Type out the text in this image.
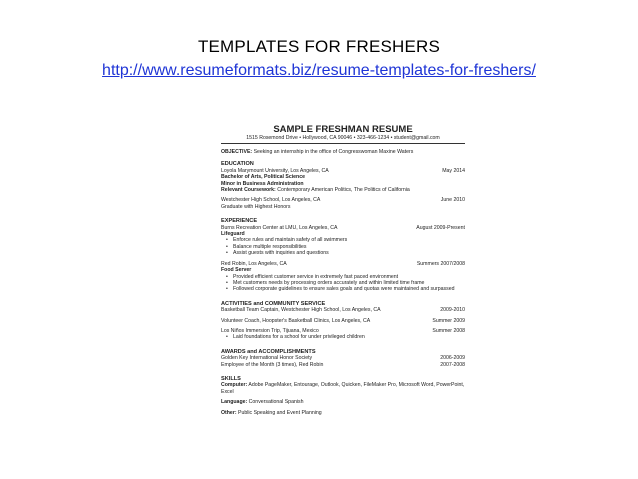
TEMPLATES FOR FRESHERS
http://www.resumeformats.biz/resume-templates-for-freshers/
SAMPLE FRESHMAN RESUME
1515 Rosemond Drive • Hollywood, CA 90046 • 323-466-1234 • student@gmail.com
OBJECTIVE: Seeking an internship in the office of Congresswoman Maxine Waters
EDUCATION
Loyola Marymount University, Los Angeles, CA	May 2014
Bachelor of Arts, Political Science
Minor in Business Administration
Relevant Coursework: Contemporary American Politics, The Politics of California
Westchester High School, Los Angeles, CA	June 2010
Graduate with Highest Honors
EXPERIENCE
Burns Recreation Center at LMU, Los Angeles, CA	August 2009-Present
Lifeguard
• Enforce rules and maintain safety of all swimmers
• Balance multiple responsibilities
• Assist guests with inquiries and questions
Red Robin, Los Angeles, CA	Summers 2007/2008
Food Server
• Provided efficient customer service in extremely fast paced environment
• Met customers needs by processing orders accurately and within limited time frame
• Followed corporate guidelines to ensure sales goals and quotas were maintained and surpassed
ACTIVITIES and COMMUNITY SERVICE
Basketball Team Captain, Westchester High School, Los Angeles, CA	2009-2010
Volunteer Coach, Hoopster's Basketball Clinics, Los Angeles, CA	Summer 2009
Los Niños Immersion Trip, Tijuana, Mexico	Summer 2008
• Laid foundations for a school for under privileged children
AWARDS and ACCOMPLISHMENTS
Golden Key International Honor Society	2006-2009
Employee of the Month (3 times), Red Robin	2007-2008
SKILLS
Computer: Adobe PageMaker, Entourage, Outlook, Quicken, FileMaker Pro, Microsoft Word, PowerPoint, Excel
Language: Conversational Spanish
Other: Public Speaking and Event Planning
